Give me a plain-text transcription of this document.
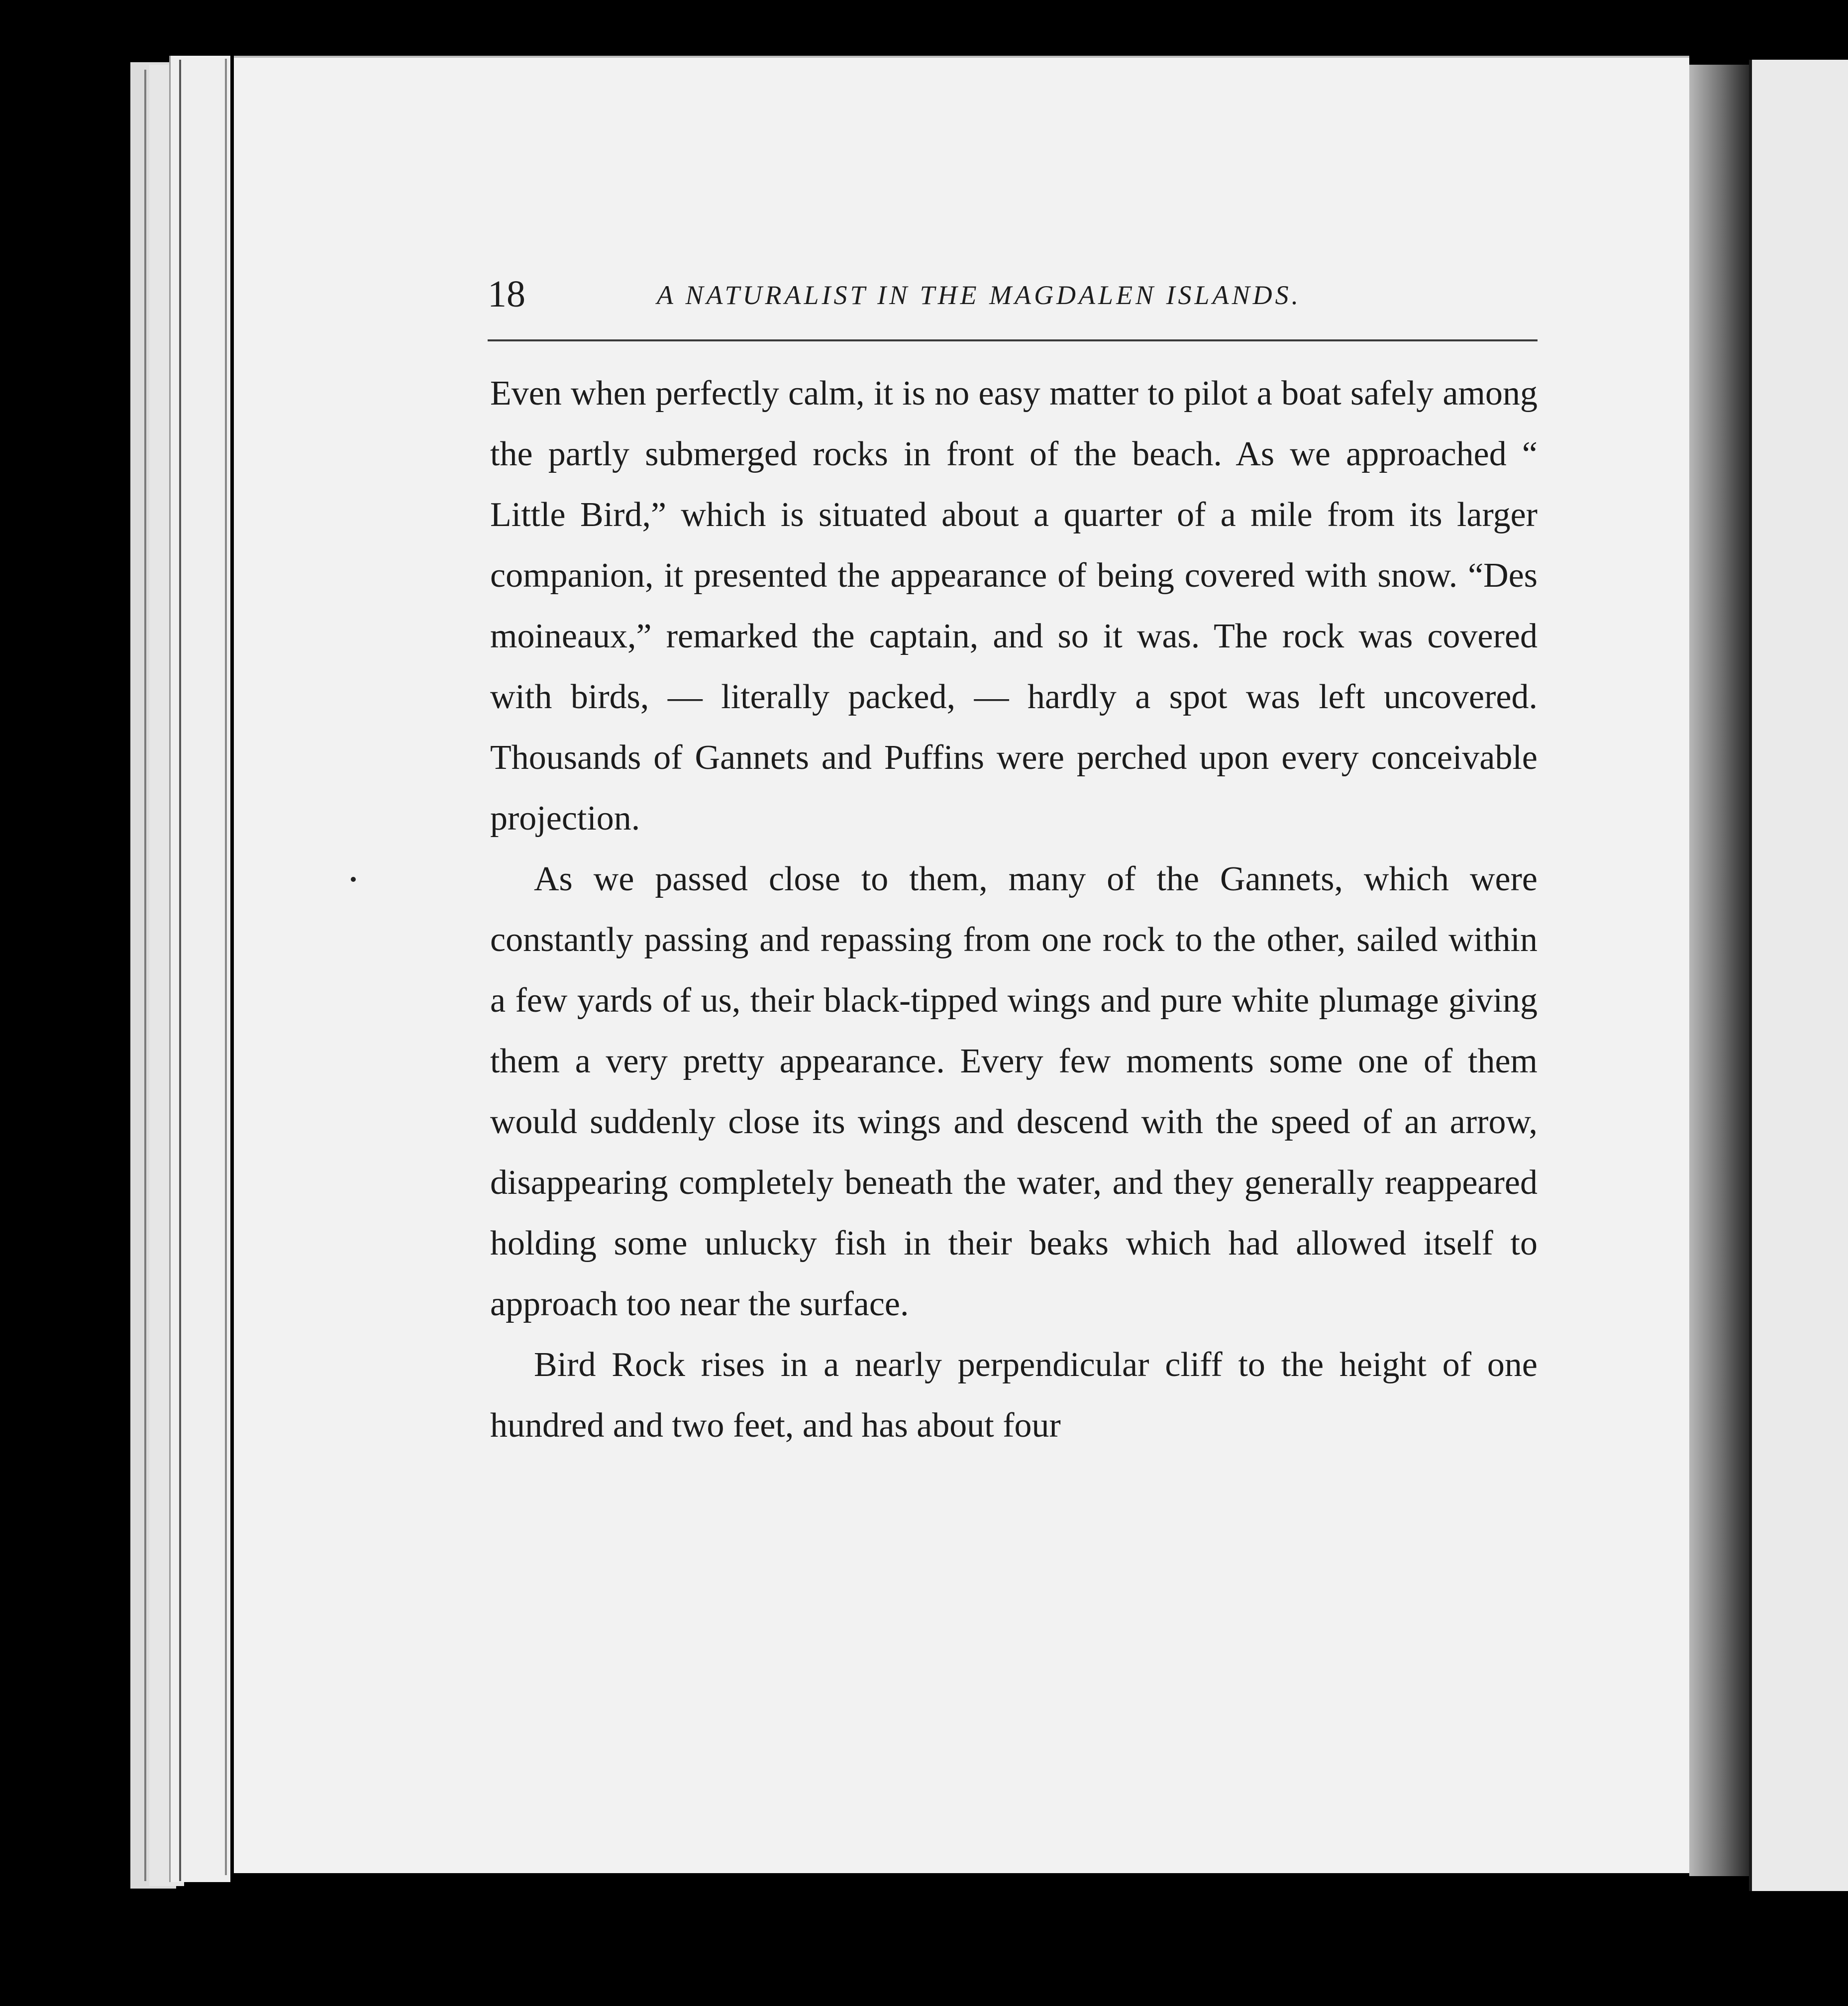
18	A NATURALIST IN THE MAGDALEN ISLANDS.

Even when perfectly calm, it is no easy matter to pilot a boat safely among the partly submerged rocks in front of the beach. As we approached “ Little Bird,” which is situated about a quarter of a mile from its larger companion, it presented the appearance of being covered with snow. “Des moineaux,” remarked the captain, and so it was. The rock was covered with birds, — literally packed, — hardly a spot was left uncovered. Thousands of Gannets and Puffins were perched upon every conceivable projection.

As we passed close to them, many of the Gannets, which were constantly passing and repassing from one rock to the other, sailed within a few yards of us, their black-tipped wings and pure white plumage giving them a very pretty appearance. Every few moments some one of them would suddenly close its wings and descend with the speed of an arrow, disappearing completely beneath the water, and they generally reappeared holding some unlucky fish in their beaks which had allowed itself to approach too near the surface.

Bird Rock rises in a nearly perpendicular cliff to the height of one hundred and two feet, and has about four
